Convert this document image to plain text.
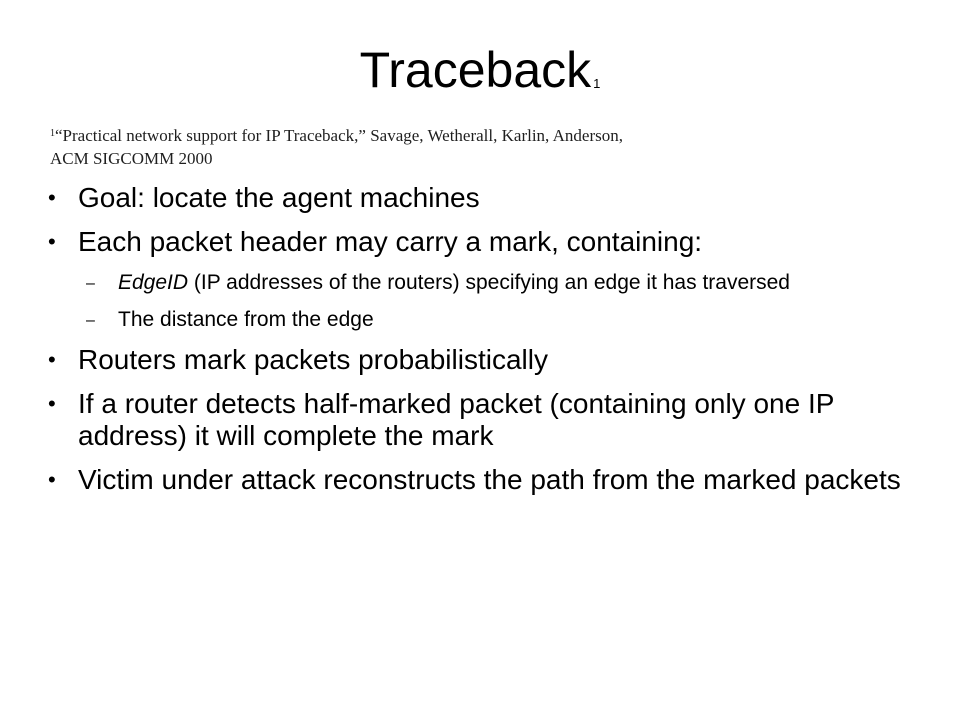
Traceback $^1$
$^1$“Practical network support for IP Traceback,” Savage, Wetherall, Karlin, Anderson,
ACM SIGCOMM 2000
• Goal: locate the agent machines
• Each packet header may carry a mark, containing:
– EdgeID (IP addresses of the routers) specifying an edge it has traversed
– The distance from the edge
• Routers mark packets probabilistically
• If a router detects half-marked packet (containing only one IP address) it will complete the mark
• Victim under attack reconstructs the path from the marked packets
